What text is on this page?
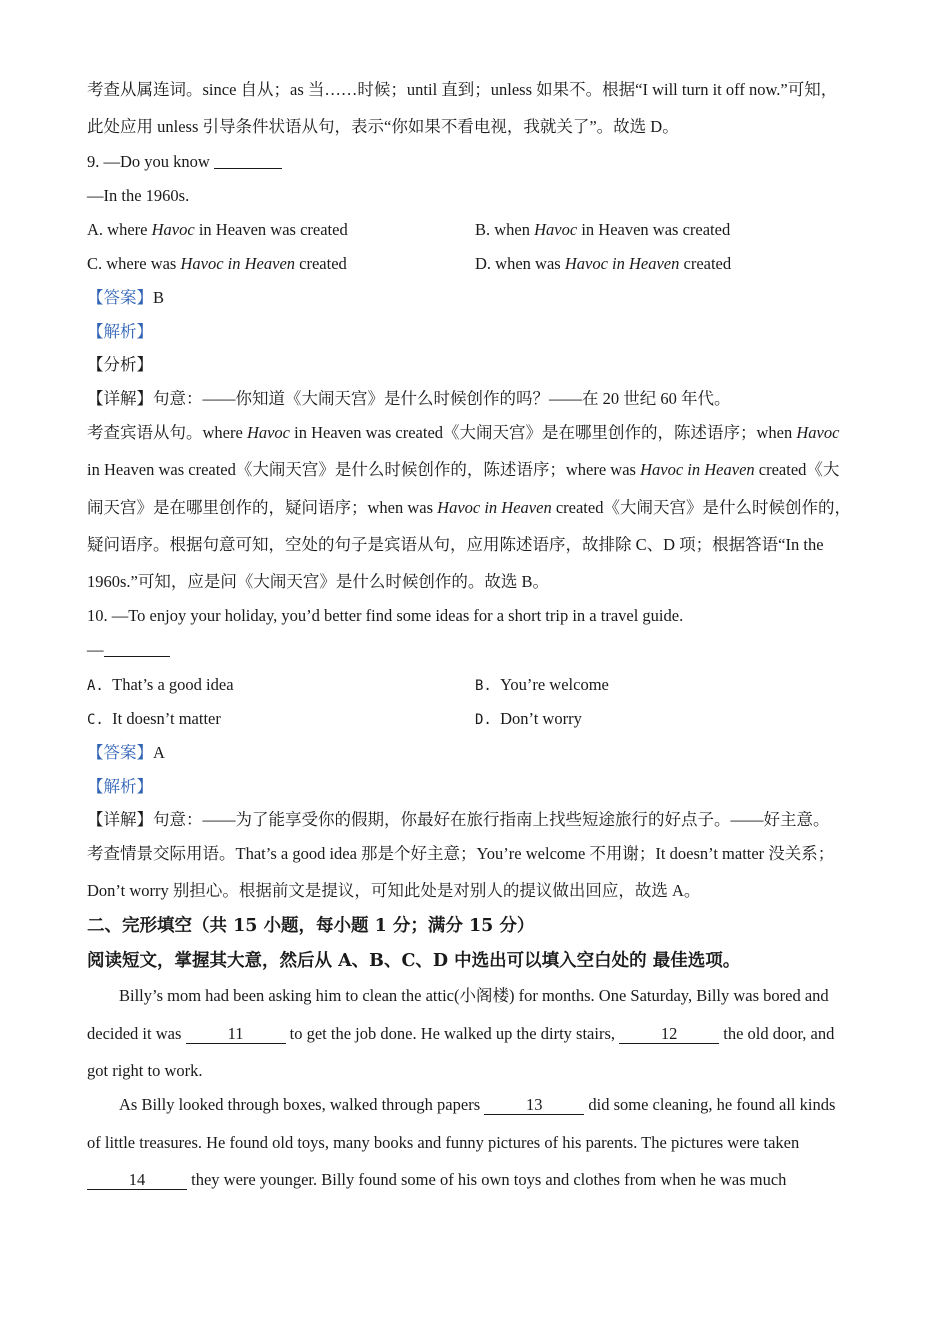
考查从属连词。since 自从；as 当……时候；until 直到；unless 如果不。根据“I will turn it off now.”可知，
此处应用 unless 引导条件状语从句，表示“你如果不看电视，我就关了”。故选 D。
9. —Do you know
—In the 1960s.
A. where Havoc in Heaven was created	B. when Havoc in Heaven was created
C. where was Havoc in Heaven created	D. when was Havoc in Heaven created
【答案】B
【解析】
【分析】
【详解】句意：——你知道《大闹天宫》是什么时候创作的吗？——在 20 世纪 60 年代。
考查宾语从句。where Havoc in Heaven was created《大闹天宫》是在哪里创作的，陈述语序；when Havoc
in Heaven was created《大闹天宫》是什么时候创作的，陈述语序；where was Havoc in Heaven created《大
闹天宫》是在哪里创作的，疑问语序；when was Havoc in Heaven created《大闹天宫》是什么时候创作的，
疑问语序。根据句意可知，空处的句子是宾语从句，应用陈述语序，故排除 C、D 项；根据答语“In the
1960s.”可知，应是问《大闹天宫》是什么时候创作的。故选 B。
10. —To enjoy your holiday, you’d better find some ideas for a short trip in a travel guide.
—
A. That’s a good idea	B. You’re welcome
C. It doesn’t matter	D. Don’t worry
【答案】A
【解析】
【详解】句意：——为了能享受你的假期，你最好在旅行指南上找些短途旅行的好点子。——好主意。
考查情景交际用语。That’s a good idea 那是个好主意；You’re welcome 不用谢；It doesn’t matter 没关系；
Don’t worry 别担心。根据前文是提议，可知此处是对别人的提议做出回应，故选 A。
二、完形填空（共 15 小题，每小题 1 分；满分 15 分）
阅读短文，掌握其大意，然后从 A、B、C、D 中选出可以填入空白处的 最佳选项。
Billy’s mom had been asking him to clean the attic(小阁楼) for months. One Saturday, Billy was bored and
decided it was	11	to get the job done. He walked up the dirty stairs,	12	the old door, and
got right to work.
As Billy looked through boxes, walked through papers	13	did some cleaning, he found all kinds
of little treasures. He found old toys, many books and funny pictures of his parents. The pictures were taken
14	they were younger. Billy found some of his own toys and clothes from when he was much
